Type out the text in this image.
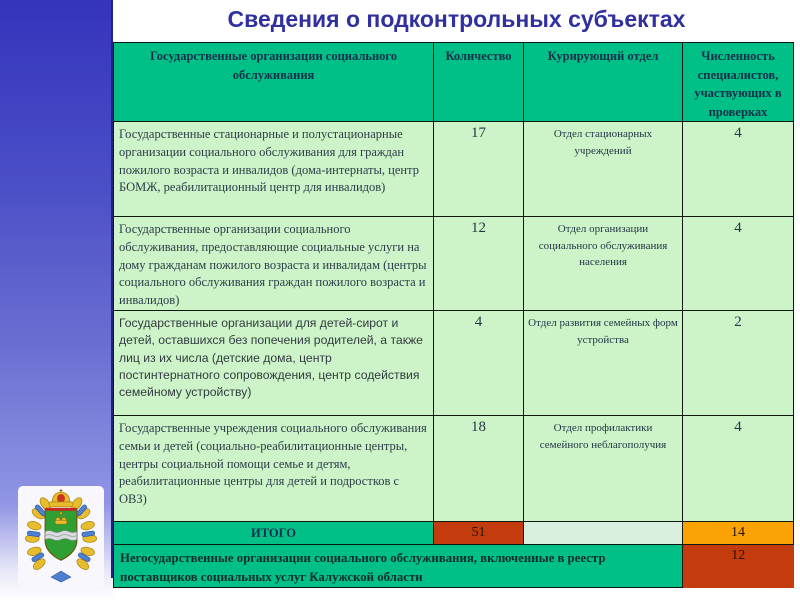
Сведения о подконтрольных субъектах
Государственные организации социального обслуживания	Количество	Курирующий отдел	Численность специалистов, участвующих в проверках
Государственные стационарные и полустационарные организации социального обслуживания для граждан пожилого возраста и инвалидов (дома-интернаты, центр БОМЖ, реабилитационный центр для инвалидов)	17	Отдел стационарных учреждений	4
Государственные организации социального обслуживания, предоставляющие социальные услуги на дому гражданам пожилого возраста и инвалидам (центры социального обслуживания граждан пожилого возраста и инвалидов)	12	Отдел организации социального обслуживания населения	4
Государственные организации для детей-сирот и детей, оставшихся без попечения родителей, а также лиц из их числа (детские дома, центр постинтернатного сопровождения, центр содействия семейному устройству)	4	Отдел развития семейных форм устройства	2
Государственные учреждения социального обслуживания семьи и детей (социально-реабилитационные центры, центры социальной помощи семье и детям, реабилитационные центры для детей и подростков с ОВЗ)	18	Отдел профилактики семейного неблагополучия	4
ИТОГО	51		14
Негосударственные организации социального обслуживания, включенные в реестр поставщиков социальных услуг Калужской области			12
